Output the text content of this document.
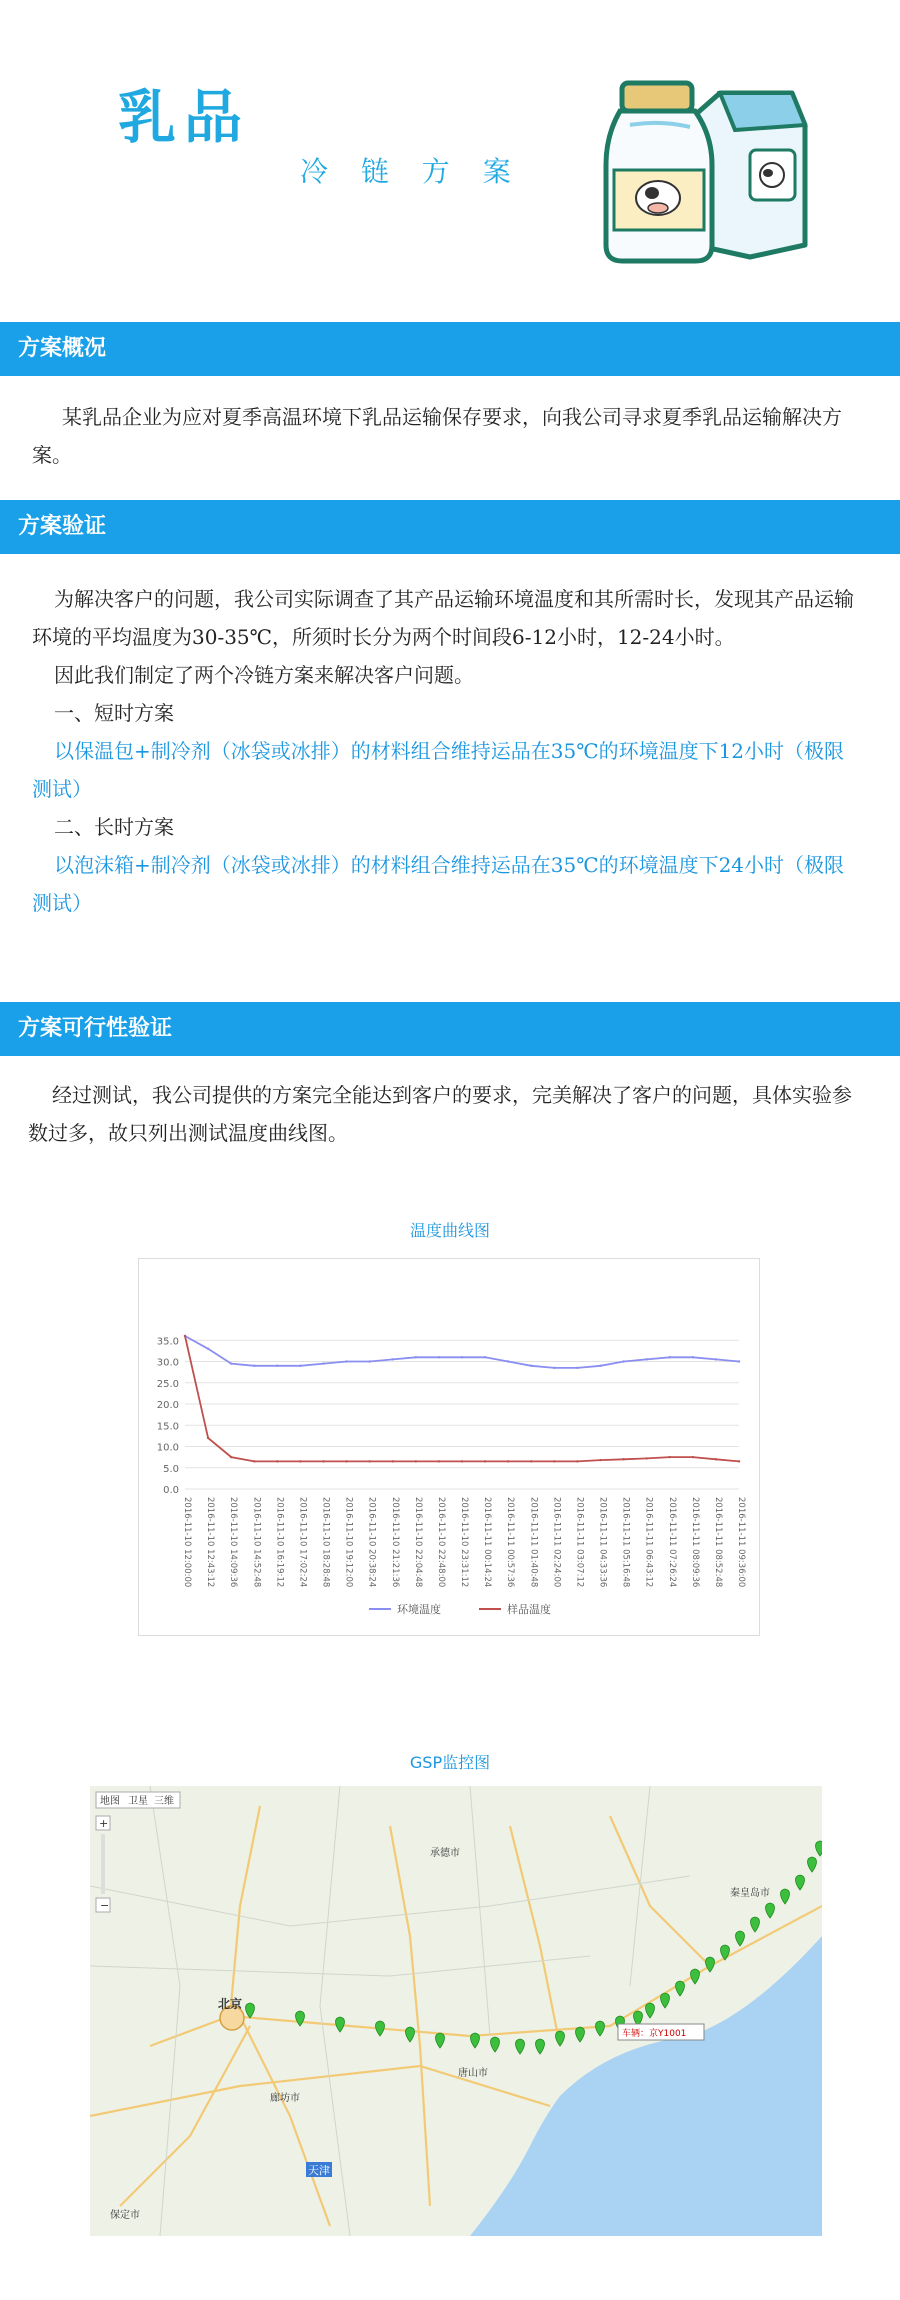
乳品
冷 链 方 案
方案概况

某乳品企业为应对夏季高温环境下乳品运输保存要求，向我公司寻求夏季乳品运输解决方案。

方案验证

为解决客户的问题，我公司实际调查了其产品运输环境温度和其所需时长，发现其产品运输环境的平均温度为30-35℃，所须时长分为两个时间段6-12小时，12-24小时。

因此我们制定了两个冷链方案来解决客户问题。

一、短时方案

以保温包+制冷剂（冰袋或冰排）的材料组合维持运品在35℃的环境温度下12小时（极限测试）

二、长时方案

以泡沫箱+制冷剂（冰袋或冰排）的材料组合维持运品在35℃的环境温度下24小时（极限测试）

方案可行性验证

经过测试，我公司提供的方案完全能达到客户的要求，完美解决了客户的问题，具体实验参数过多，故只列出测试温度曲线图。

温度曲线图
0.0
5.0
10.0
15.0
20.0
25.0
30.0
35.0
2016-11-10 12:00:00 2016-11-10 12:43:12 2016-11-10 14:09:36 2016-11-10 14:52:48 2016-11-10 16:19:12 2016-11-10 17:02:24 2016-11-10 18:28:48 2016-11-10 19:12:00 2016-11-10 20:38:24 2016-11-10 21:21:36 2016-11-10 22:04:48 2016-11-10 22:48:00 2016-11-10 23:31:12 2016-11-11 00:14:24 2016-11-11 00:57:36 2016-11-11 01:40:48 2016-11-11 02:24:00 2016-11-11 03:07:12 2016-11-11 04:33:36 2016-11-11 05:16:48 2016-11-11 06:43:12 2016-11-11 07:26:24 2016-11-11 08:09:36 2016-11-11 08:52:48 2016-11-11 09:36:00
环境温度	样品温度
GSP监控图
北京
天津
唐山市
廊坊市
承德市
秦皇岛市
保定市
车辆：京Y1001
地图 卫星 三维
+
−
